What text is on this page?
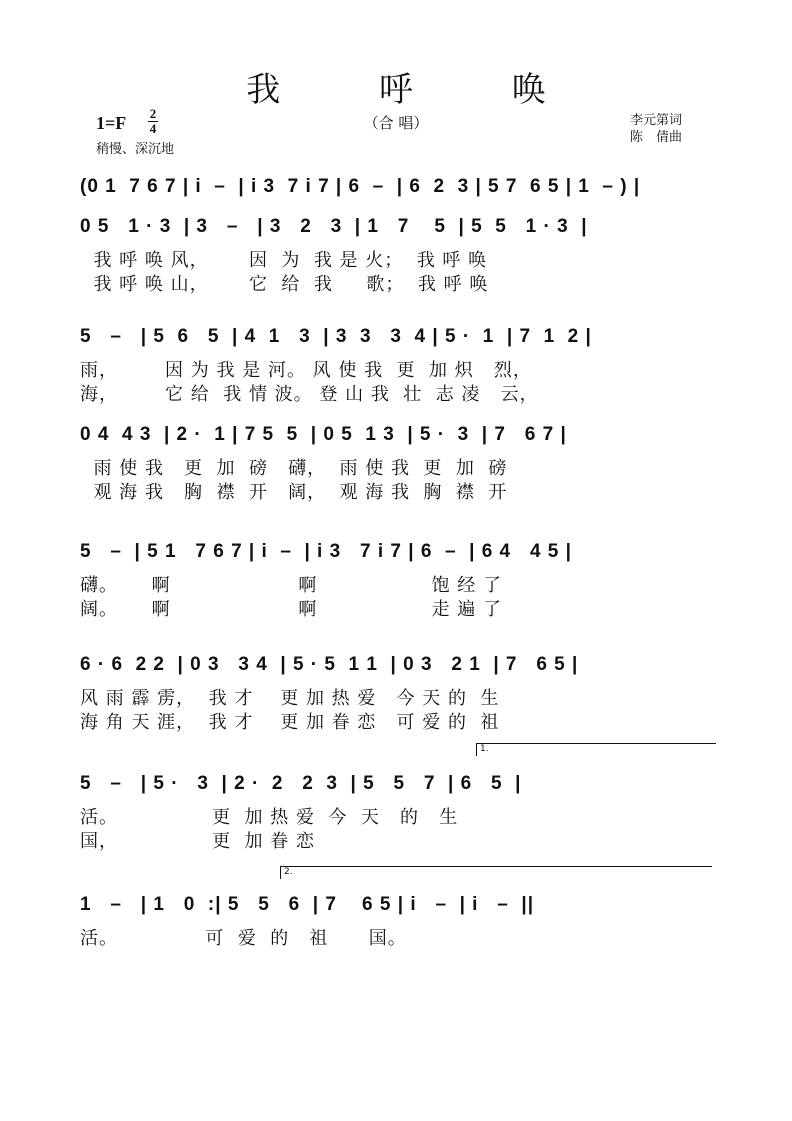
我 呼 唤
（合 唱）
1=F 2
4
稍慢、深沉地
李元第词
陈　倩曲
(0 1  7 6 7 | i  –  | i 3  7 i 7 | 6  –  | 6  2  3 | 5 7  6 5 | 1  – ) |
0 5   1 · 3  | 3   –   | 3   2   3  | 1   7    5  | 5  5   1 · 3  |
我 呼 唤 风，      因  为  我 是 火；  我 呼 唤
我 呼 唤 山，      它  给  我     歌；  我 呼 唤
5   –   | 5  6   5  | 4  1   3  | 3  3   3  4 | 5 ·  1  | 7  1  2 |
雨，       因 为 我 是 河。 风 使 我  更  加 炽   烈，
海，       它 给  我 情 波。 登 山 我  壮  志 凌   云，
0 4  4 3  | 2 ·  1 | 7 5  5  | 0 5  1 3  | 5 ·  3  | 7   6 7 |
雨 使 我   更  加  磅   礴，  雨 使 我  更  加  磅
观 海 我   胸  襟  开   阔，  观 海 我  胸  襟  开
5   –  | 5 1   7 6 7 | i  –  | i 3   7 i 7 | 6  –  | 6 4   4 5 |
礴。     啊                   啊                 饱 经 了
阔。     啊                   啊                 走 遍 了
6 · 6  2 2  | 0 3   3 4  | 5 · 5  1 1  | 0 3   2 1  | 7   6 5 |
风 雨 霹 雳，  我 才    更 加 热 爱   今 天 的  生
海 角 天 涯，  我 才    更 加 眷 恋   可 爱 的  祖
5   –   | 5 ·   3  | 2 ·  2   2  3  | 5   5   7  | 6   5  |
活。              更  加 热 爱  今  天   的   生
国，              更  加 眷 恋
1.
1   –   | 1   0  :| 5   5   6  | 7    6 5 | i   –  | i   –  ||
活。             可  爱  的   祖      国。
2.
